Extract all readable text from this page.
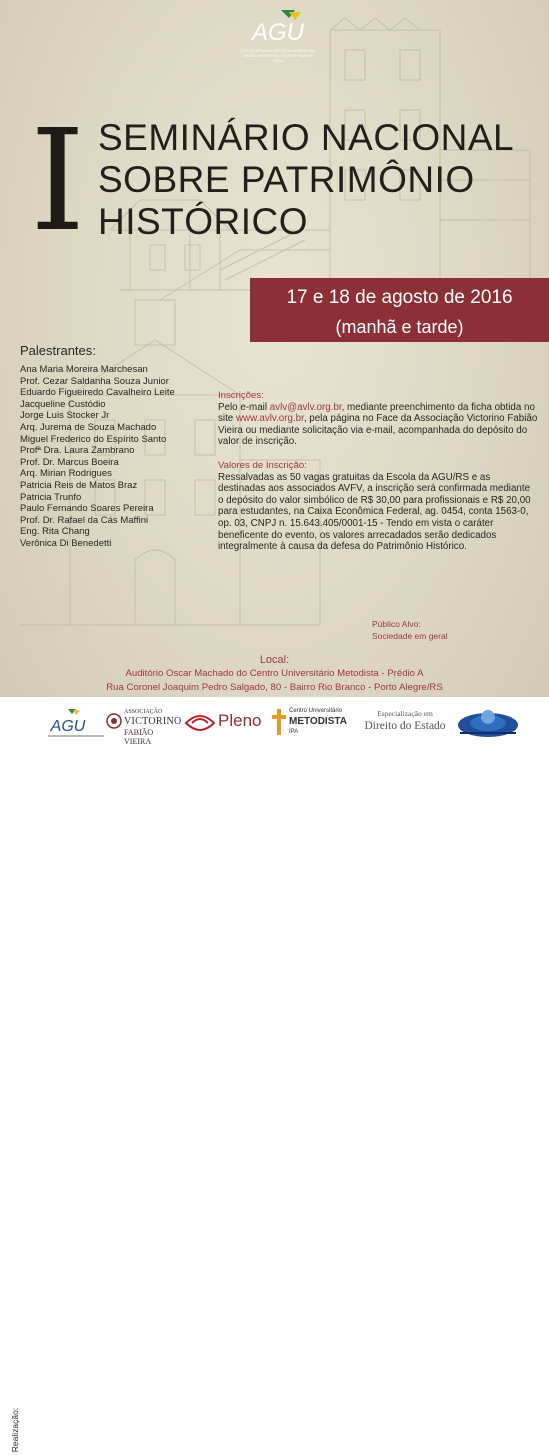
AGU
ESCOLA DA ADVOCACIA-GERAL DA UNIÃO MINISTRO VICTOR NUNES LEAL
I SEMINÁRIO NACIONAL
SOBRE PATRIMÔNIO
HISTÓRICO
17 e 18 de agosto de 2016
(manhã e tarde)
Palestrantes:
Ana Maria Moreira Marchesan
Prof. Cezar Saldanha Souza Junior
Eduardo Figueiredo Cavalheiro Leite
Jacqueline Custódio
Jorge Luis Stocker Jr
Arq. Jurema de Souza Machado
Miguel Frederico do Espírito Santo
Profª Dra. Laura Zambrano
Prof. Dr. Marcus Boeira
Arq. Mirian Rodrigues
Patricia Reis de Matos Braz
Patricia Trunfo
Paulo Fernando Soares Pereira
Prof. Dr. Rafael da Cás Maffini
Eng. Rita Chang
Verônica Di Benedetti
Inscrições:

Pelo e-mail avlv@avlv.org.br, mediante preenchimento da ficha obtida no site www.avlv.org.br, pela página no Face da Associação Victorino Fabião Vieira ou mediante solicitação via e-mail, acompanhada do depósito do valor de inscrição.

Valores de Inscrição:

Ressalvadas as 50 vagas gratuitas da Escola da AGU/RS e as destinadas aos associados AVFV, a inscrição será confirmada mediante o depósito do valor simbólico de R$ 30,00 para profissionais e R$ 20,00 para estudantes, na Caixa Econômica Federal, ag. 0454, conta 1563-0, op. 03, CNPJ n. 15.643.405/0001-15 - Tendo em vista o caráter beneficente do evento, os valores arrecadados serão dedicados integralmente à causa da defesa do Patrimônio Histórico.

Público Alvo:
Sociedade em geral
Local:
Auditório Oscar Machado do Centro Universitário Metodista - Prédio A
Rua Coronel Joaquim Pedro Salgado, 80 - Bairro Rio Branco - Porto Alegre/RS
Realização:
AGU
ASSOCIAÇÃO
VICTORINO
FABIÃO VIEIRA
Pleno	Centro Universitário
METODISTA
IPA
Especialização em
Direito do Estado
